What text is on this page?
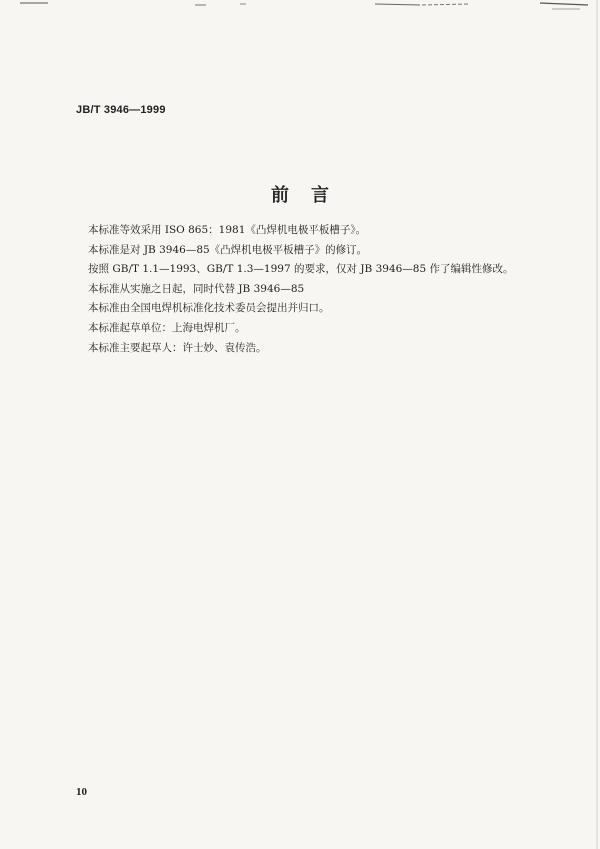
JB/T 3946—1999
前 言

本标准等效采用 ISO 865：1981《凸焊机电极平板槽子》。

本标准是对 JB 3946—85《凸焊机电极平板槽子》的修订。

按照 GB/T 1.1—1993、GB/T 1.3—1997 的要求，仅对 JB 3946—85 作了编辑性修改。

本标准从实施之日起，同时代替 JB 3946—85

本标准由全国电焊机标准化技术委员会提出并归口。

本标准起草单位：上海电焊机厂。

本标准主要起草人：许士妙、袁传浩。

10
